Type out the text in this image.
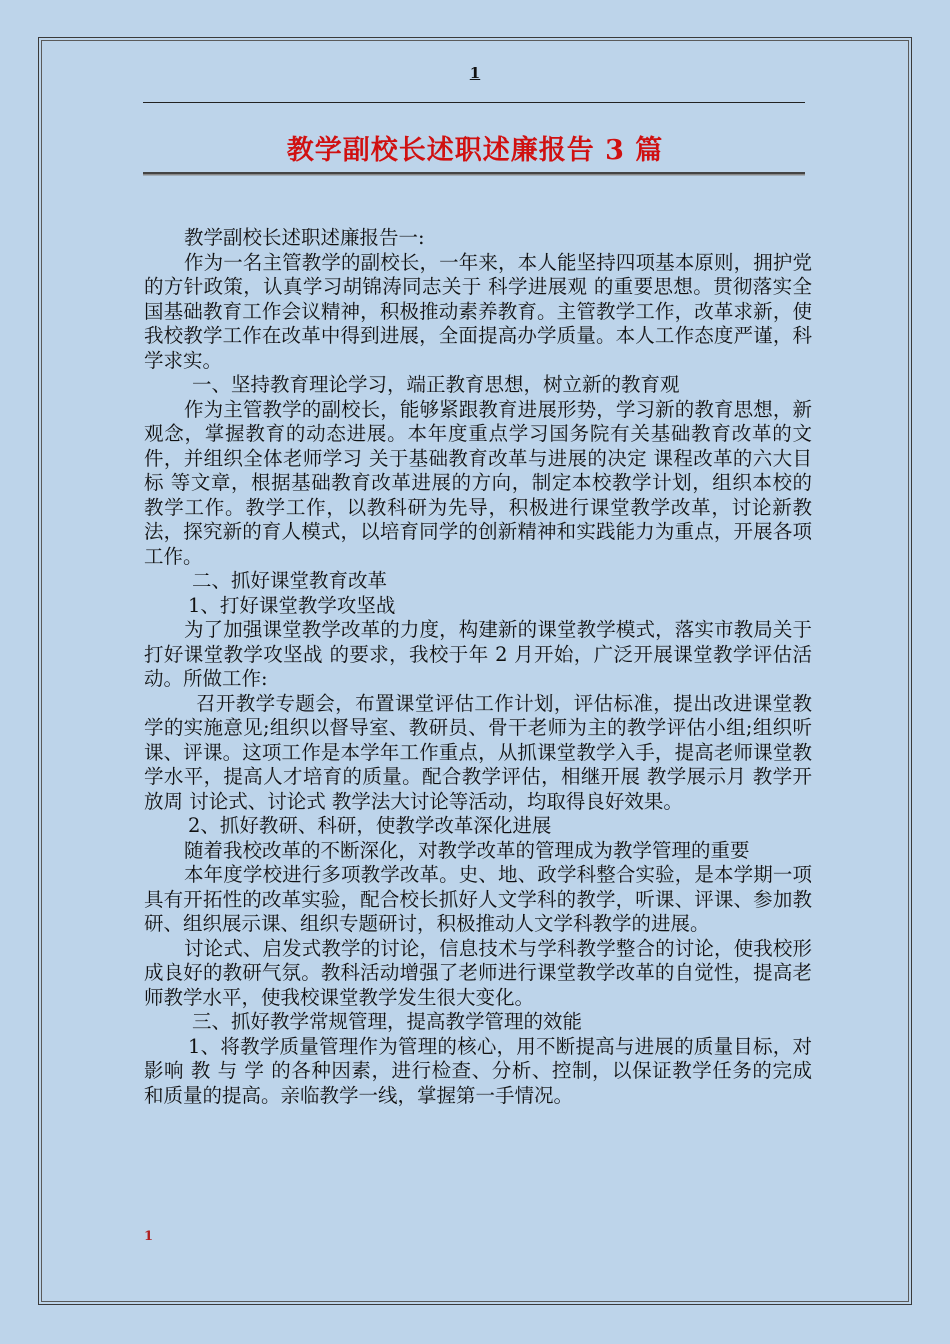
1
教学副校长述职述廉报告 3 篇

教学副校长述职述廉报告一:

作为一名主管教学的副校长，一年来，本人能坚持四项基本原则，拥护党的方针政策，认真学习胡锦涛同志关于 科学进展观 的重要思想。贯彻落实全国基础教育工作会议精神，积极推动素养教育。主管教学工作，改革求新，使我校教学工作在改革中得到进展，全面提高办学质量。本人工作态度严谨，科学求实。

一、坚持教育理论学习，端正教育思想，树立新的教育观

作为主管教学的副校长，能够紧跟教育进展形势，学习新的教育思想，新观念，掌握教育的动态进展。本年度重点学习国务院有关基础教育改革的文件，并组织全体老师学习 关于基础教育改革与进展的决定 课程改革的六大目标 等文章，根据基础教育改革进展的方向，制定本校教学计划，组织本校的教学工作。教学工作，以教科研为先导，积极进行课堂教学改革，讨论新教法，探究新的育人模式，以培育同学的创新精神和实践能力为重点，开展各项工作。

二、抓好课堂教育改革

1、打好课堂教学攻坚战

为了加强课堂教学改革的力度，构建新的课堂教学模式，落实市教局关于 打好课堂教学攻坚战 的要求，我校于年 2 月开始，广泛开展课堂教学评估活动。所做工作:

召开教学专题会，布置课堂评估工作计划，评估标准，提出改进课堂教学的实施意见;组织以督导室、教研员、骨干老师为主的教学评估小组;组织听课、评课。这项工作是本学年工作重点，从抓课堂教学入手，提高老师课堂教学水平，提高人才培育的质量。配合教学评估，相继开展 教学展示月 教学开放周 讨论式、讨论式 教学法大讨论等活动，均取得良好效果。

2、抓好教研、科研，使教学改革深化进展

随着我校改革的不断深化，对教学改革的管理成为教学管理的重要

本年度学校进行多项教学改革。史、地、政学科整合实验，是本学期一项具有开拓性的改革实验，配合校长抓好人文学科的教学，听课、评课、参加教研、组织展示课、组织专题研讨，积极推动人文学科教学的进展。

讨论式、启发式教学的讨论，信息技术与学科教学整合的讨论，使我校形成良好的教研气氛。教科活动增强了老师进行课堂教学改革的自觉性，提高老师教学水平，使我校课堂教学发生很大变化。

三、抓好教学常规管理，提高教学管理的效能

1、将教学质量管理作为管理的核心，用不断提高与进展的质量目标，对影响 教 与 学 的各种因素，进行检查、分析、控制，以保证教学任务的完成和质量的提高。亲临教学一线，掌握第一手情况。

1
